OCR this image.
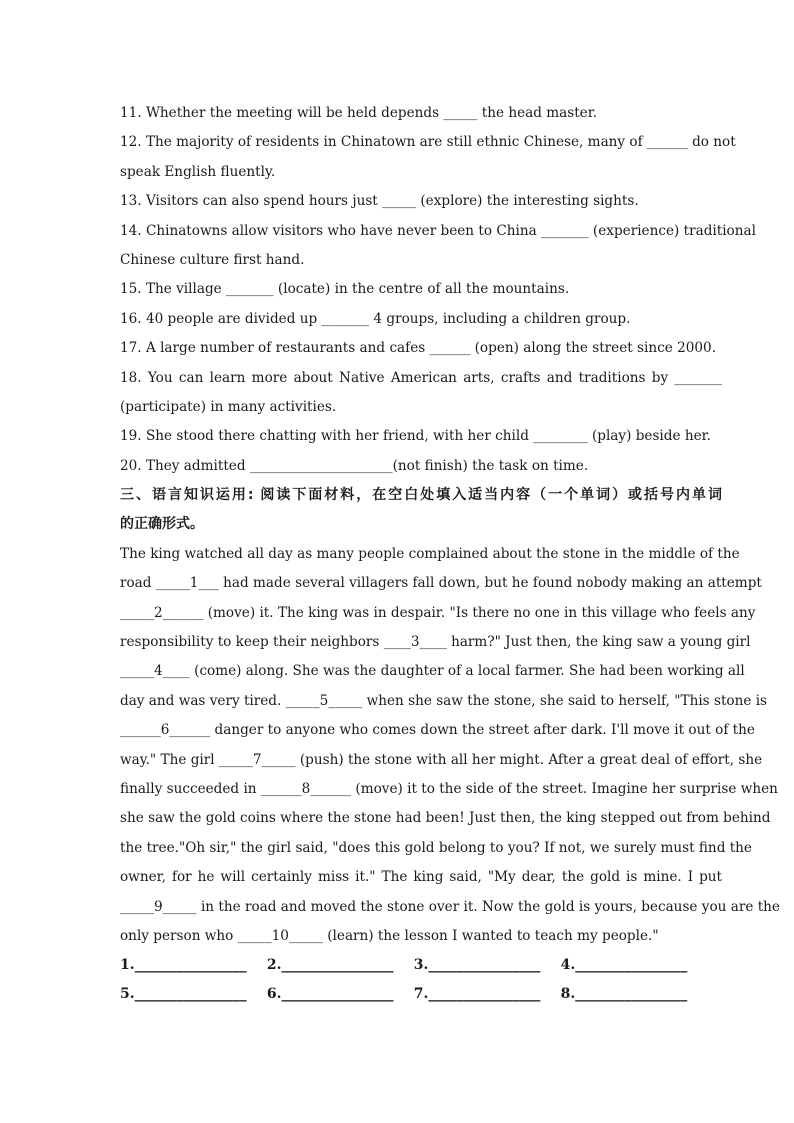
11. Whether the meeting will be held depends _____ the head master.
12. The majority of residents in Chinatown are still ethnic Chinese, many of ______ do not
speak English fluently.
13. Visitors can also spend hours just _____ (explore) the interesting sights.
14. Chinatowns allow visitors who have never been to China _______ (experience) traditional
Chinese culture first hand.
15. The village _______ (locate) in the centre of all the mountains.
16. 40 people are divided up _______ 4 groups, including a children group.
17. A large number of restaurants and cafes ______ (open) along the street since 2000.
18. You can learn more about Native American arts, crafts and traditions by _______
(participate) in many activities.
19. She stood there chatting with her friend, with her child ________ (play) beside her.
20. They admitted _____________________(not finish) the task on time.
三、语言知识运用: 阅读下面材料，在空白处填入适当内容（一个单词）或括号内单词
的正确形式。
The king watched all day as many people complained about the stone in the middle of the
road _____1___ had made several villagers fall down, but he found nobody making an attempt
_____2______ (move) it. The king was in despair. "Is there no one in this village who feels any
responsibility to keep their neighbors ____3____ harm?" Just then, the king saw a young girl
_____4____ (come) along. She was the daughter of a local farmer. She had been working all
day and was very tired. _____5_____ when she saw the stone, she said to herself, "This stone is
______6______ danger to anyone who comes down the street after dark. I'll move it out of the
way." The girl _____7_____ (push) the stone with all her might. After a great deal of effort, she
finally succeeded in ______8______ (move) it to the side of the street. Imagine her surprise when
she saw the gold coins where the stone had been! Just then, the king stepped out from behind
the tree."Oh sir," the girl said, "does this gold belong to you? If not, we surely must find the
owner, for he will certainly miss it." The king said, "My dear, the gold is mine. I put
_____9_____ in the road and moved the stone over it. Now the gold is yours, because you are the
only person who _____10_____ (learn) the lesson I wanted to teach my people."
1.________________ 2.________________ 3.________________ 4.________________
5.________________ 6.________________ 7.________________ 8.________________
